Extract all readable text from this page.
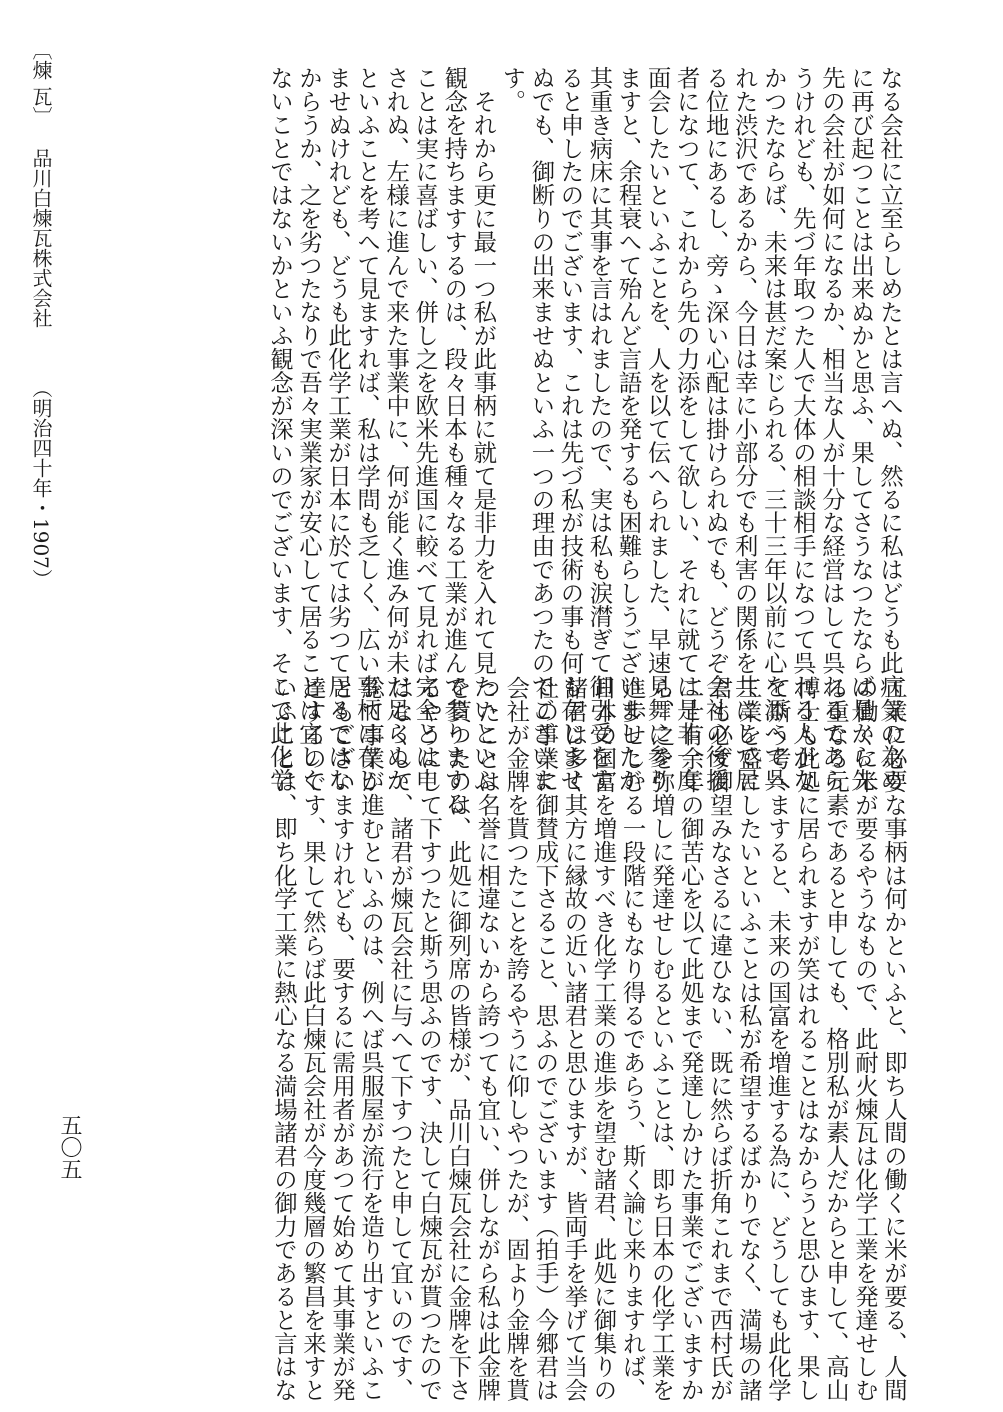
なる会社に立至らしめたとは言へぬ、然るに私はどうも此病気の為め
に再び起つことは出来ぬかと思ふ、果してさうなつたならば是から先
先の会社が如何になるか、相当な人が十分な経営はして呉れるであら
うけれども、先づ年取つた人で大体の相談相手になつて呉れる人がな
かつたならば、未来は甚だ案じられる、三十三年以前に心を添へて呉
れた渋沢であるから、今日は幸に小部分でも利害の関係を共にして居
る位地にあるし、旁ゝ深い心配は掛けられぬでも、どうぞ会社の後援
者になつて、これから先の力添をして欲しい、それに就ては是非一度
面会したいといふことを、人を以て伝へられました、早速見舞に参り
ますと、余程衰へて殆んど言語を発するも困難らしうございましたが
其重き病床に其事を言はれましたので、実は私も涙潸ぎて御引受をす
ると申したのでございます、これは先づ私が技術の事も何も存じませ
ぬでも、御断りの出来ませぬといふ一つの理由であつたのでございま
す。
　それから更に最一つ私が此事柄に就て是非力を入れて見たいといふ
観念を持ちますするのは、段々日本も種々なる工業が進んで参りまする
ことは実に喜ばしい、併し之を欧米先進国に較べて見れば完全とは申
されぬ、左様に進んで来た事業中に、何が能く進み何が未だ足らぬか
といふことを考へて見ますれば、私は学問も乏しく、広い事柄は存じ
ませぬけれども、どうも此化学工業が日本に於ては劣つて居るではな
からうか、之を劣つたなりで吾々実業家が安心して居ることは宜しく
ないことではないかといふ観念が深いのでございます、そこで此化学
工業に必要な事柄は何かといふと、即ち人間の働くに米が要る、人間
の働くに米が要るやうなもので、此耐火煉瓦は化学工業を発達せしむ
る重なる元素であると申しても、格別私が素人だからと申して、高山
博士も此処に居られますが笑はれることはなからうと思ひます、果し
て斯う考へますると、未来の国富を増進する為に、どうしても此化学
工業を盛にしたいといふことは私が希望するばかりでなく、満場の諸
君も必ず御望みなさるに違ひない、既に然らば折角これまで西村氏が
二十有余年の御苦心を以て此処まで発達しかけた事業でございますか
ら、之を弥増しに発達せしむるといふことは、即ち日本の化学工業を
進歩せしむる一段階にもなり得るであらう、斯く論じ来りますれば、
日本の国富を増進すべき化学工業の進歩を望む諸君、此処に御集りの
諸君は多く其方に縁故の近い諸君と思ひますが、皆両手を挙げて当会
社の事業に御賛成下さること、思ふのでございます（拍手）今郷君は
会社が金牌を貰つたことを誇るやうに仰しやつたが、固より金牌を貰
つたことは名誉に相違ないから誇つても宜い、併しながら私は此金牌
を貰つたのは、此処に御列席の皆様が、品川白煉瓦会社に金牌を下さ
るやうにして下すつたと斯う思ふのです、決して白煉瓦が貰つたので
はなくして、諸君が煉瓦会社に与へて下すつたと申して宜いのです、
総て事業が進むといふのは、例へば呉服屋が流行を造り出すといふこ
ともございますけれども、要するに需用者があつて始めて其事業が発
達するのです、果して然らば此白煉瓦会社が今度幾層の繁昌を来すと
いふことは、即ち化学工業に熱心なる満場諸君の御力であると言はな
〔煉 瓦〕
品川白煉瓦株式会社
（明治四十年・1907）
五〇五
